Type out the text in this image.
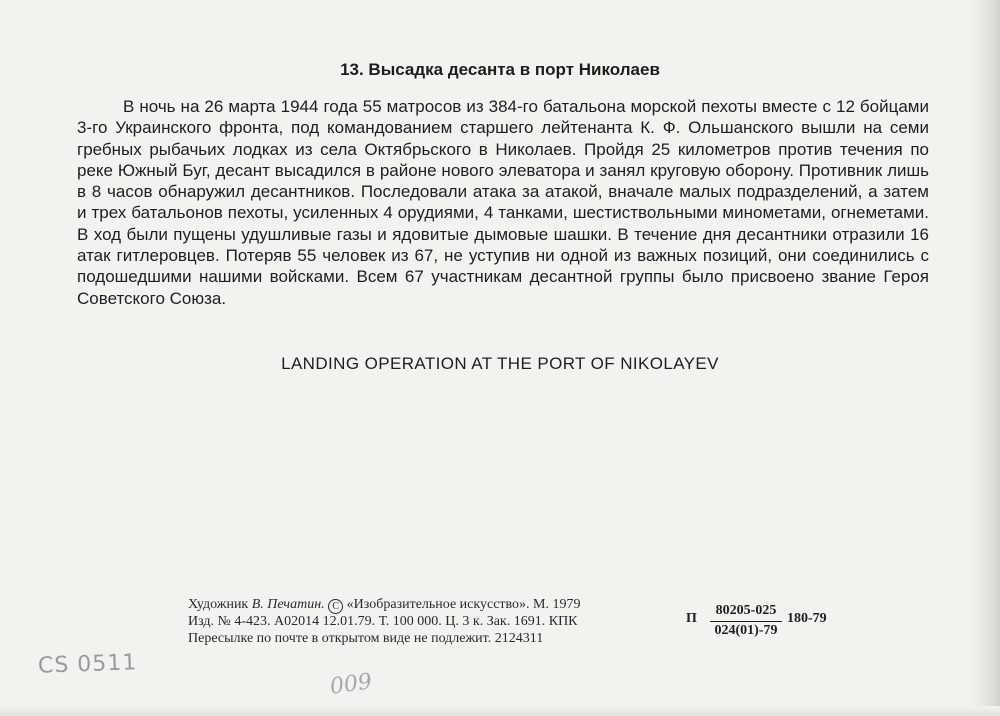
13. Высадка десанта в порт Николаев

В ночь на 26 марта 1944 года 55 матросов из 384-го батальона морской пехоты вместе с 12 бойцами 3-го Украинского фронта, под командованием старшего лейтенанта К. Ф. Ольшанского вышли на семи гребных рыбачьих лодках из села Октябрьского в Николаев. Пройдя 25 километров против течения по реке Южный Буг, десант высадился в районе нового элеватора и занял круговую оборону. Противник лишь в 8 часов обнаружил десантников. Последовали атака за атакой, вначале малых подразделений, а затем и трех батальонов пехоты, усиленных 4 орудиями, 4 танками, шестиствольными минометами, огнеметами. В ход были пущены удушливые газы и ядовитые дымовые шашки. В течение дня десантники отразили 16 атак гитлеровцев. Потеряв 55 человек из 67, не уступив ни одной из важных позиций, они соединились с подошедшими нашими войсками. Всем 67 участникам десантной группы было присвоено звание Героя Советского Союза.

LANDING OPERATION AT THE PORT OF NIKOLAYEV

Художник В. Печатин. C «Изобразительное искусство». М. 1979
Изд. № 4-423. А02014 12.01.79. Т. 100 000. Ц. 3 к. Зак. 1691. КПК
Пересылке по почте в открытом виде не подлежит. 2124311
П
80205-025
024(01)-79
180-79
CS 0511
009
